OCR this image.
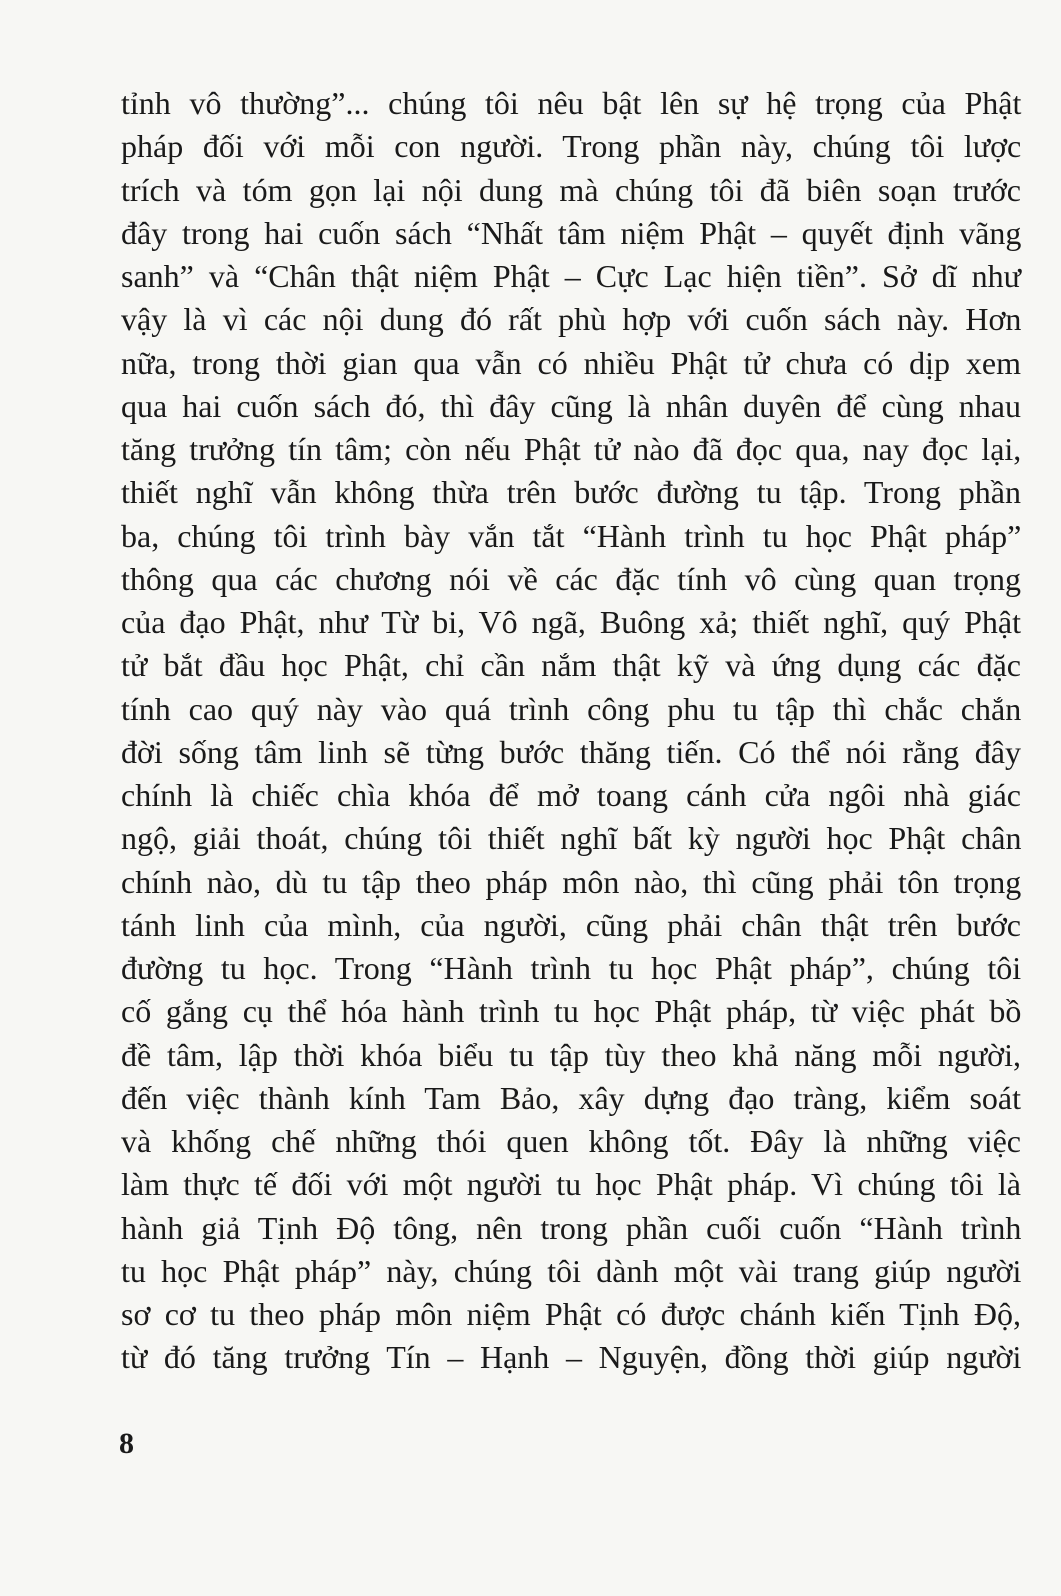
tỉnh vô thường”... chúng tôi nêu bật lên sự hệ trọng của Phật
pháp đối với mỗi con người. Trong phần này, chúng tôi lược
trích và tóm gọn lại nội dung mà chúng tôi đã biên soạn trước
đây trong hai cuốn sách “Nhất tâm niệm Phật – quyết định vãng
sanh” và “Chân thật niệm Phật – Cực Lạc hiện tiền”. Sở dĩ như
vậy là vì các nội dung đó rất phù hợp với cuốn sách này. Hơn
nữa, trong thời gian qua vẫn có nhiều Phật tử chưa có dịp xem
qua hai cuốn sách đó, thì đây cũng là nhân duyên để cùng nhau
tăng trưởng tín tâm; còn nếu Phật tử nào đã đọc qua, nay đọc lại,
thiết nghĩ vẫn không thừa trên bước đường tu tập. Trong phần
ba, chúng tôi trình bày vắn tắt “Hành trình tu học Phật pháp”
thông qua các chương nói về các đặc tính vô cùng quan trọng
của đạo Phật, như Từ bi, Vô ngã, Buông xả; thiết nghĩ, quý Phật
tử bắt đầu học Phật, chỉ cần nắm thật kỹ và ứng dụng các đặc
tính cao quý này vào quá trình công phu tu tập thì chắc chắn
đời sống tâm linh sẽ từng bước thăng tiến. Có thể nói rằng đây
chính là chiếc chìa khóa để mở toang cánh cửa ngôi nhà giác
ngộ, giải thoát, chúng tôi thiết nghĩ bất kỳ người học Phật chân
chính nào, dù tu tập theo pháp môn nào, thì cũng phải tôn trọng
tánh linh của mình, của người, cũng phải chân thật trên bước
đường tu học. Trong “Hành trình tu học Phật pháp”, chúng tôi
cố gắng cụ thể hóa hành trình tu học Phật pháp, từ việc phát bồ
đề tâm, lập thời khóa biểu tu tập tùy theo khả năng mỗi người,
đến việc thành kính Tam Bảo, xây dựng đạo tràng, kiểm soát
và khống chế những thói quen không tốt. Đây là những việc
làm thực tế đối với một người tu học Phật pháp. Vì chúng tôi là
hành giả Tịnh Độ tông, nên trong phần cuối cuốn “Hành trình
tu học Phật pháp” này, chúng tôi dành một vài trang giúp người
sơ cơ tu theo pháp môn niệm Phật có được chánh kiến Tịnh Độ,
từ đó tăng trưởng Tín – Hạnh – Nguyện, đồng thời giúp người
8
